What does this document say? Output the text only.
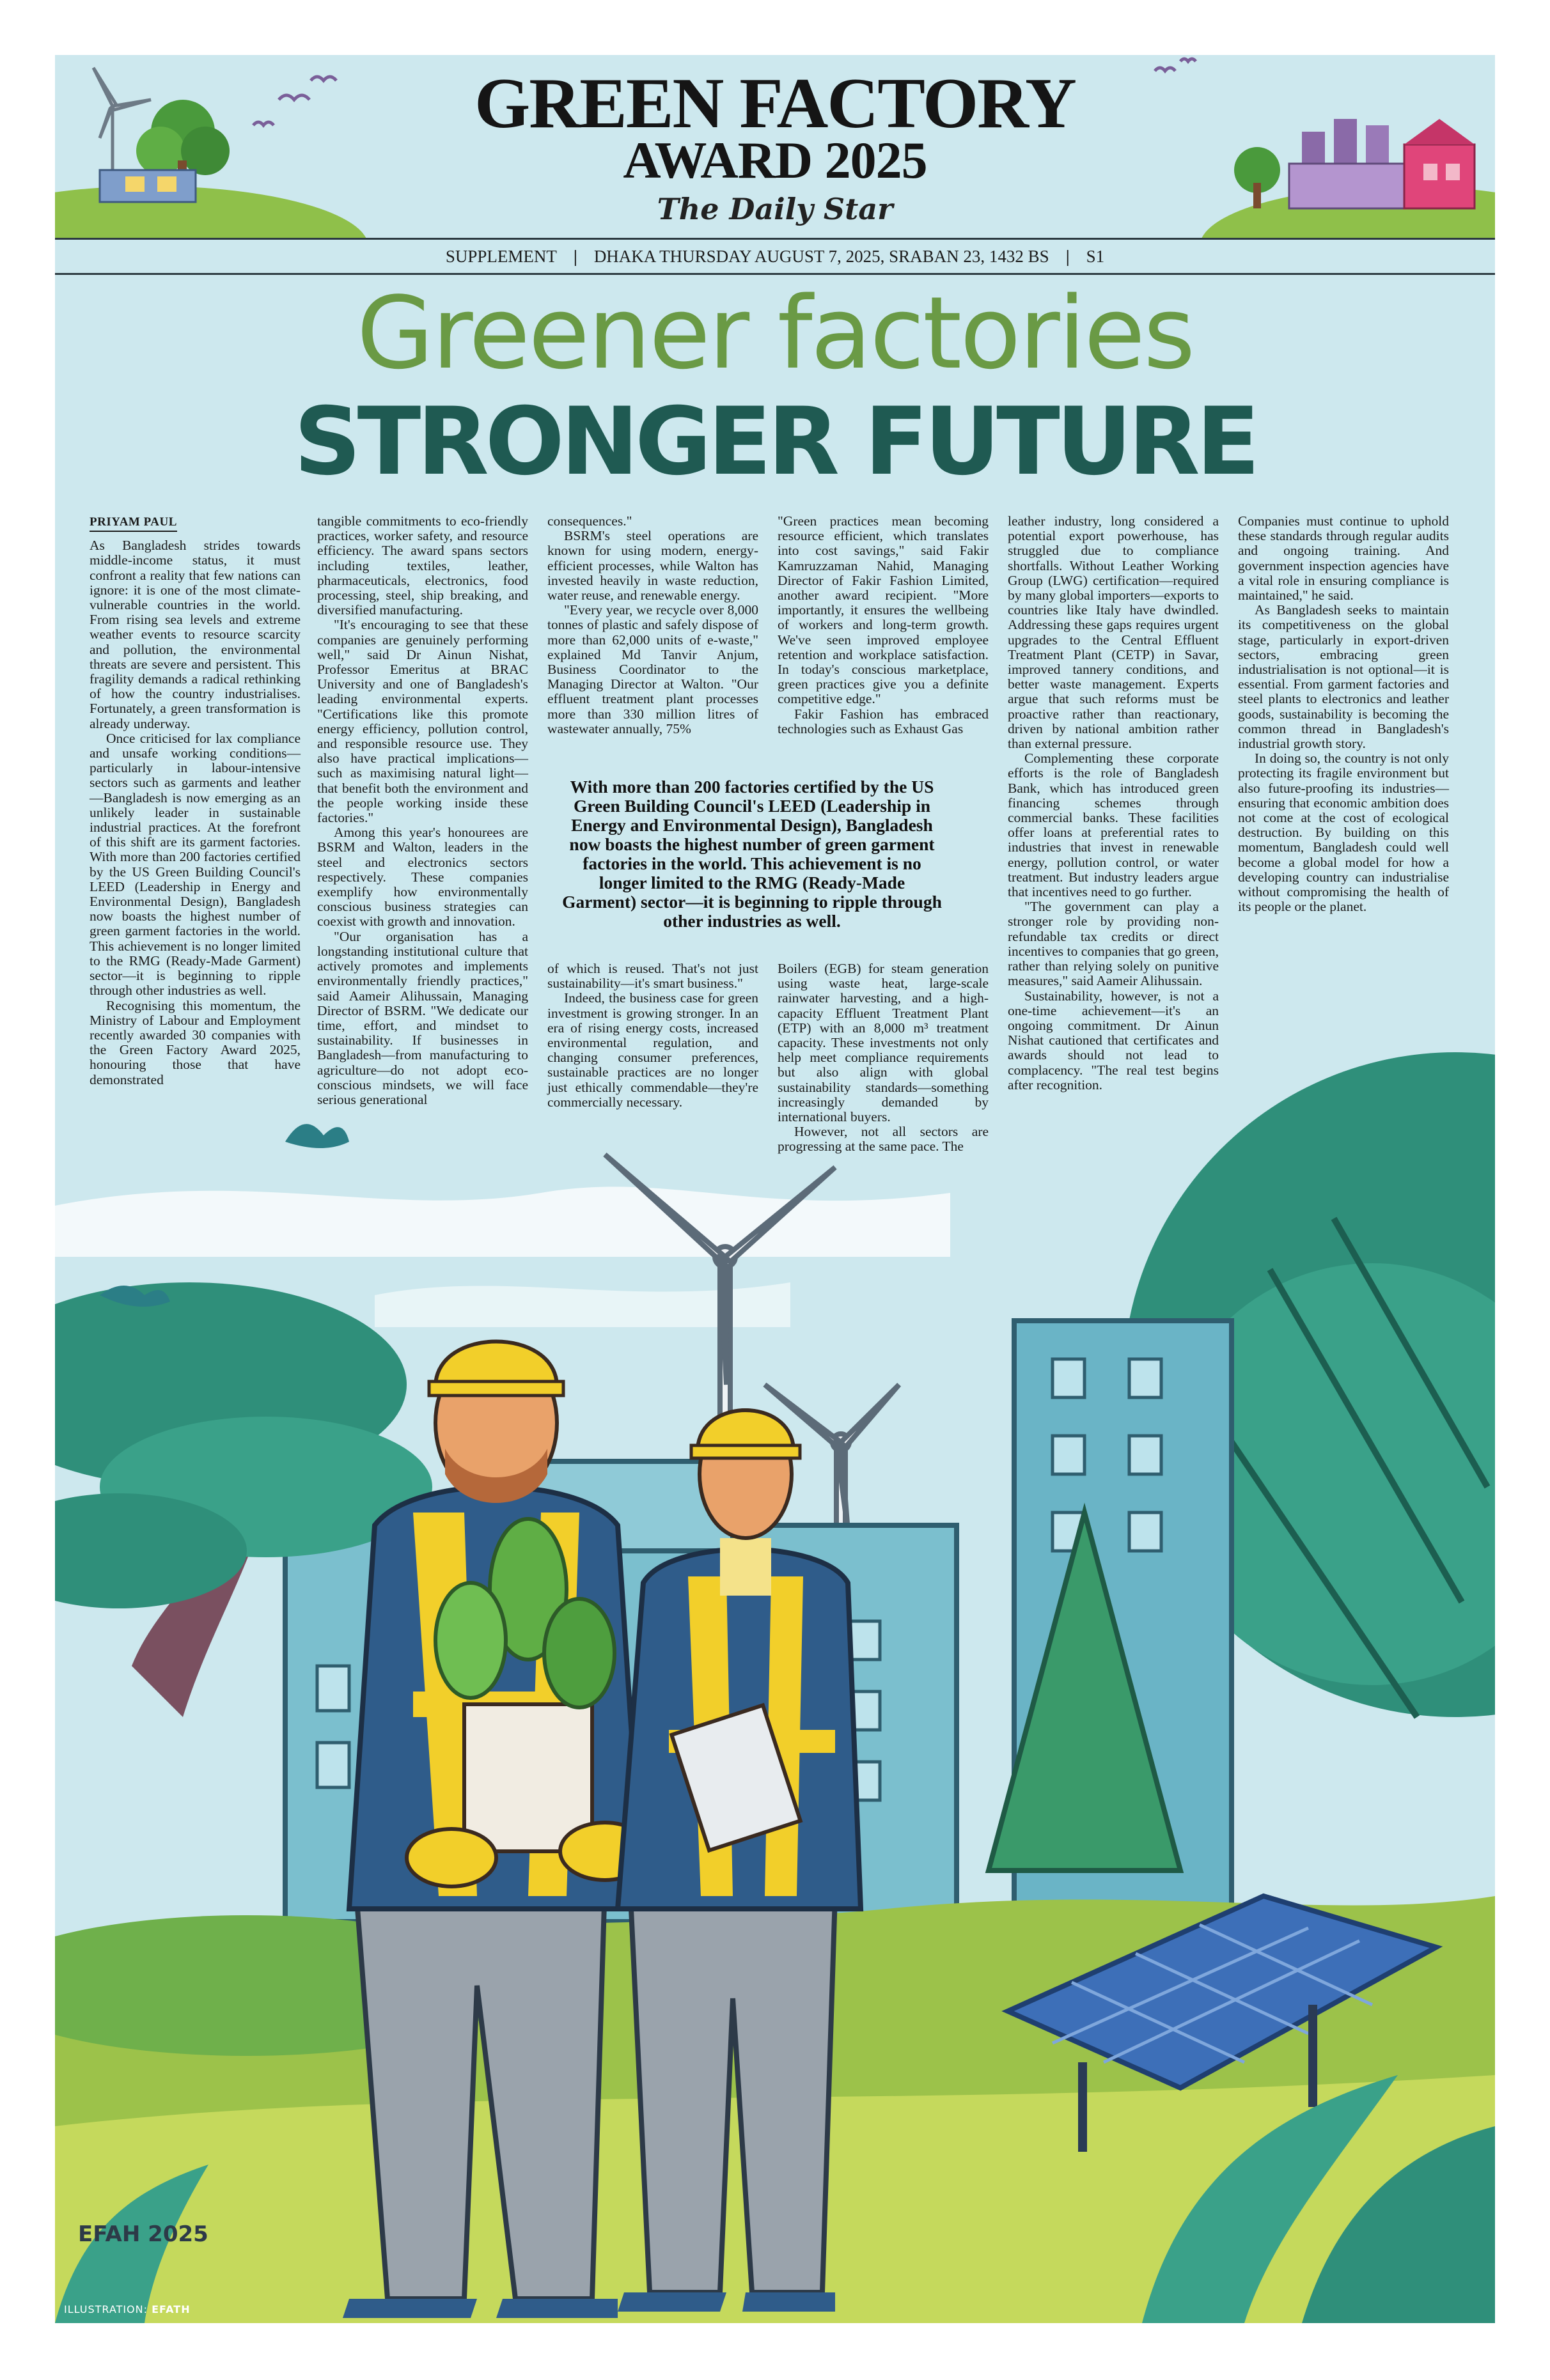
GREEN FACTORY
AWARD 2025
The Daily Star
SUPPLEMENT | DHAKA THURSDAY AUGUST 7, 2025, SRABAN 23, 1432 BS | S1
Greener factories
STRONGER FUTURE
PRIYAM PAUL

As Bangladesh strides towards middle-income status, it must confront a reality that few nations can ignore: it is one of the most climate-vulnerable countries in the world. From rising sea levels and extreme weather events to resource scarcity and pollution, the environmental threats are severe and persistent. This fragility demands a radical rethinking of how the country industrialises. Fortunately, a green transformation is already underway.

Once criticised for lax compliance and unsafe working conditions—particularly in labour-intensive sectors such as garments and leather—Bangladesh is now emerging as an unlikely leader in sustainable industrial practices. At the forefront of this shift are its garment factories. With more than 200 factories certified by the US Green Building Council's LEED (Leadership in Energy and Environmental Design), Bangladesh now boasts the highest number of green garment factories in the world. This achievement is no longer limited to the RMG (Ready-Made Garment) sector—it is beginning to ripple through other industries as well.

Recognising this momentum, the Ministry of Labour and Employment recently awarded 30 companies with the Green Factory Award 2025, honouring those that have demonstrated

tangible commitments to eco-friendly practices, worker safety, and resource efficiency. The award spans sectors including textiles, leather, pharmaceuticals, electronics, food processing, steel, ship breaking, and diversified manufacturing.

"It's encouraging to see that these companies are genuinely performing well," said Dr Ainun Nishat, Professor Emeritus at BRAC University and one of Bangladesh's leading environmental experts. "Certifications like this promote energy efficiency, pollution control, and responsible resource use. They also have practical implications—such as maximising natural light—that benefit both the environment and the people working inside these factories."

Among this year's honourees are BSRM and Walton, leaders in the steel and electronics sectors respectively. These companies exemplify how environmentally conscious business strategies can coexist with growth and innovation.

"Our organisation has a longstanding institutional culture that actively promotes and implements environmentally friendly practices," said Aameir Alihussain, Managing Director of BSRM. "We dedicate our time, effort, and mindset to sustainability. If businesses in Bangladesh—from manufacturing to agriculture—do not adopt eco-conscious mindsets, we will face serious generational

consequences."

BSRM's steel operations are known for using modern, energy-efficient processes, while Walton has invested heavily in waste reduction, water reuse, and renewable energy.

"Every year, we recycle over 8,000 tonnes of plastic and safely dispose of more than 62,000 units of e-waste," explained Md Tanvir Anjum, Business Coordinator to the Managing Director at Walton. "Our effluent treatment plant processes more than 330 million litres of wastewater annually, 75%

"Green practices mean becoming resource efficient, which translates into cost savings," said Fakir Kamruzzaman Nahid, Managing Director of Fakir Fashion Limited, another award recipient. "More importantly, it ensures the wellbeing of workers and long-term growth. We've seen improved employee retention and workplace satisfaction. In today's conscious marketplace, green practices give you a definite competitive edge."

Fakir Fashion has embraced technologies such as Exhaust Gas

With more than 200 factories certified by the US Green Building Council's LEED (Leadership in Energy and Environmental Design), Bangladesh now boasts the highest number of green garment factories in the world. This achievement is no longer limited to the RMG (Ready-Made Garment) sector—it is beginning to ripple through other industries as well.

of which is reused. That's not just sustainability—it's smart business."

Indeed, the business case for green investment is growing stronger. In an era of rising energy costs, increased environmental regulation, and changing consumer preferences, sustainable practices are no longer just ethically commendable—they're commercially necessary.

Boilers (EGB) for steam generation using waste heat, large-scale rainwater harvesting, and a high-capacity Effluent Treatment Plant (ETP) with an 8,000 m³ treatment capacity. These investments not only help meet compliance requirements but also align with global sustainability standards—something increasingly demanded by international buyers.

However, not all sectors are progressing at the same pace. The

leather industry, long considered a potential export powerhouse, has struggled due to compliance shortfalls. Without Leather Working Group (LWG) certification—required by many global importers—exports to countries like Italy have dwindled. Addressing these gaps requires urgent upgrades to the Central Effluent Treatment Plant (CETP) in Savar, improved tannery conditions, and better waste management. Experts argue that such reforms must be proactive rather than reactionary, driven by national ambition rather than external pressure.

Complementing these corporate efforts is the role of Bangladesh Bank, which has introduced green financing schemes through commercial banks. These facilities offer loans at preferential rates to industries that invest in renewable energy, pollution control, or water treatment. But industry leaders argue that incentives need to go further.

"The government can play a stronger role by providing non-refundable tax credits or direct incentives to companies that go green, rather than relying solely on punitive measures," said Aameir Alihussain.

Sustainability, however, is not a one-time achievement—it's an ongoing commitment. Dr Ainun Nishat cautioned that certificates and awards should not lead to complacency. "The real test begins after recognition.

Companies must continue to uphold these standards through regular audits and ongoing training. And government inspection agencies have a vital role in ensuring compliance is maintained," he said.

As Bangladesh seeks to maintain its competitiveness on the global stage, particularly in export-driven sectors, embracing green industrialisation is not optional—it is essential. From garment factories and steel plants to electronics and leather goods, sustainability is becoming the common thread in Bangladesh's industrial growth story.

In doing so, the country is not only protecting its fragile environment but also future-proofing its industries—ensuring that economic ambition does not come at the cost of ecological destruction. By building on this momentum, Bangladesh could well become a global model for how a developing country can industrialise without compromising the health of its people or the planet.

EFAH 2025
ILLUSTRATION: EFATH
